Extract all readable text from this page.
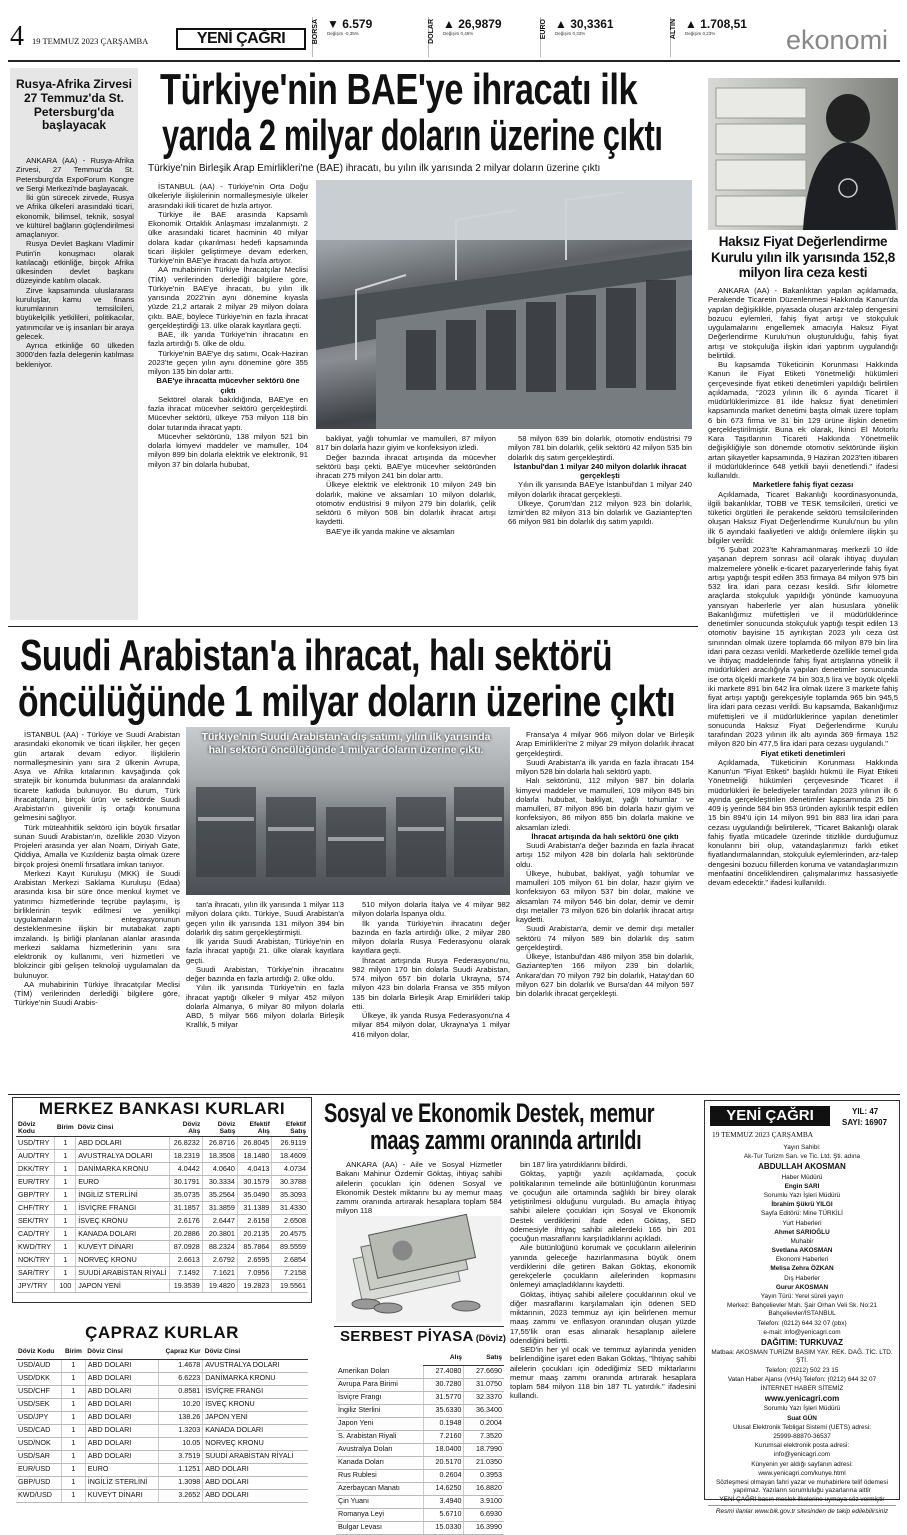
4 19 TEMMUZ 2023 ÇARŞAMBA	YENİ ÇAĞRI	BORSA ▼ 6.579
Değişim -0,35%	DOLAR ▲ 26,9879
Değişim 0,46%	EURO ▲ 30,3361
Değişim 0,33%	ALTIN ▲ 1.708,51
Değişim 0,23%	ekonomi
Rusya-Afrika Zirvesi 27 Temmuz'da St. Petersburg'da başlayacak

ANKARA (AA) - Rusya-Afrika Zirvesi, 27 Temmuz'da St. Petersburg'da ExpoForum Kongre ve Sergi Merkezi'nde başlayacak.

İki gün sürecek zirvede, Rusya ve Afrika ülkeleri arasındaki ticari, ekonomik, bilimsel, teknik, sosyal ve kültürel bağların güçlendirilmesi amaçlanıyor.

Rusya Devlet Başkanı Vladimir Putin'in konuşmacı olarak katılacağı etkinliğe, birçok Afrika ülkesinden devlet başkanı düzeyinde katılım olacak.

Zirve kapsamında uluslararası kuruluşlar, kamu ve finans kurumlarının temsilcileri, büyükelçilik yetkilileri, politikacılar, yatırımcılar ve iş insanları bir araya gelecek.

Ayrıca etkinliğe 60 ülkeden 3000'den fazla delegenin katılması bekleniyor.

Türkiye'nin BAE'ye ihracatı ilk
yarıda 2 milyar doların üzerine çıktı
Türkiye'nin Birleşik Arap Emirlikleri'ne (BAE) ihracatı, bu yılın ilk yarısında 2 milyar doların üzerine çıktı

İSTANBUL (AA) - Türkiye'nin Orta Doğu ülkeleriyle ilişkilerinin normalleşmesiyle ülkeler arasındaki ikili ticaret de hızla artıyor.

Türkiye ile BAE arasında Kapsamlı Ekonomik Ortaklık Anlaşması imzalanmıştı. 2 ülke arasındaki ticaret hacminin 40 milyar dolara kadar çıkarılması hedefi kapsamında ticari ilişkiler geliştirmeye devam ederken, Türkiye'nin BAE'ye ihracatı da hızla artıyor.

AA muhabirinin Türkiye İhracatçılar Meclisi (TİM) verilerinden derlediği bilgilere göre, Türkiye'nin BAE'ye ihracatı, bu yılın ilk yarısında 2022'nin aynı dönemine kıyasla yüzde 21,2 artarak 2 milyar 29 milyon dolara çıktı. BAE, böylece Türkiye'nin en fazla ihracat gerçekleştirdiği 13. ülke olarak kayıtlara geçti.

BAE, ilk yarıda Türkiye'nin ihracatını en fazla artırdığı 5. ülke de oldu.

Türkiye'nin BAE'ye dış satımı, Ocak-Haziran 2023'te geçen yılın aynı dönemine göre 355 milyon 135 bin dolar arttı.

BAE'ye ihracatta mücevher sektörü öne çıktı

Sektörel olarak bakıldığında, BAE'ye en fazla ihracat mücevher sektörü gerçekleştirdi. Mücevher sektörü, ülkeye 753 milyon 118 bin dolar tutarında ihracat yaptı.

Mücevher sektörünü, 138 milyon 521 bin dolarla kimyevi maddeler ve mamuller, 104 milyon 899 bin dolarla elektrik ve elektronik, 91 milyon 37 bin dolarla hububat,

bakliyat, yağlı tohumlar ve mamulleri, 87 milyon 817 bin dolarla hazır giyim ve konfeksiyon izledi.

Değer bazında ihracat artışında da mücevher sektörü başı çekti. BAE'ye mücevher sektöründen ihracatı 275 milyon 241 bin dolar arttı.

Ülkeye elektrik ve elektronik 10 milyon 249 bin dolarlık, makine ve aksamları 10 milyon dolarlık, otomotiv endüstrisi 9 milyon 279 bin dolarlık, çelik sektörü 6 milyon 508 bin dolarlık ihracat artışı kaydetti.

BAE'ye ilk yarıda makine ve aksamları

58 milyon 639 bin dolarlık, otomotiv endüstrisi 79 milyon 781 bin dolarlık, çelik sektörü 42 milyon 535 bin dolarlık dış satım gerçekleştirdi.

İstanbul'dan 1 milyar 240 milyon dolarlık ihracat gerçekleşti

Yılın ilk yarısında BAE'ye İstanbul'dan 1 milyar 240 milyon dolarlık ihracat gerçekleşti.

Ülkeye, Çorum'dan 212 milyon 923 bin dolarlık, İzmir'den 82 milyon 313 bin dolarlık ve Gaziantep'ten 66 milyon 981 bin dolarlık dış satım yapıldı.

Suudi Arabistan'a ihracat, halı sektörü
öncülüğünde 1 milyar doların üzerine çıktı
Türkiye'nin Suudi Arabistan'a dış satımı, yılın ilk yarısında halı sektörü öncülüğünde 1 milyar doların üzerine çıktı.

İSTANBUL (AA) - Türkiye ve Suudi Arabistan arasındaki ekonomik ve ticari ilişkiler, her geçen gün artarak devam ediyor. İlişkilerin normalleşmesinin yanı sıra 2 ülkenin Avrupa, Asya ve Afrika kıtalarının kavşağında çok stratejik bir konumda bulunması da aralarındaki ticarete katkıda bulunuyor. Bu durum, Türk ihracatçıların, birçok ürün ve sektörde Suudi Arabistan'ın güvenilir iş ortağı konumuna gelmesini sağlıyor.

Türk müteahhitlik sektörü için büyük fırsatlar sunan Suudi Arabistan'ın, özellikle 2030 Vizyon Projeleri arasında yer alan Noam, Diriyah Gate, Qiddiya, Amalla ve Kızıldeniz başta olmak üzere birçok projesi önemli fırsatlara imkan tanıyor.

Merkezi Kayıt Kuruluşu (MKK) ile Suudi Arabistan Merkezi Saklama Kuruluşu (Edaa) arasında kısa bir süre önce menkul kıymet ve yatırımcı hizmetlerinde teçrübe paylaşımı, iş birliklerinin teşvik edilmesi ve yenilikçi uygulamaların entegrasyonunun desteklenmesine ilişkin bir mutabakat zaptı imzalandı. İş birliği planlanan alanlar arasında merkezi saklama hizmetlerinin yanı sıra elektronik oy kullanımı, veri hizmetleri ve blokzincir gibi gelişen teknoloji uygulamaları da bulunuyor.

AA muhabirinin Türkiye İhracatçılar Meclisi (TİM) verilerinden derlediği bilgilere göre, Türkiye'nin Suudi Arabis-

tan'a ihracatı, yılın ilk yarısında 1 milyar 113 milyon dolara çıktı. Türkiye, Suudi Arabistan'a geçen yılın ilk yarısında 131 milyon 394 bin dolarlık dış satım gerçekleştirmişti.

İlk yarıda Suudi Arabistan, Türkiye'nin en fazla ihracat yaptığı 21. ülke olarak kayıtlara geçti.

Suudi Arabistan, Türkiye'nin ihracatını değer bazında en fazla artırdığı 2. ülke oldu.

Yılın ilk yarısında Türkiye'nin en fazla ihracat yaptığı ülkeler 9 milyar 452 milyon dolarla Almanya, 6 milyar 80 milyon dolarla ABD, 5 milyar 566 milyon dolarla Birleşik Krallık, 5 milyar

510 milyon dolarla İtalya ve 4 milyar 982 milyon dolarla İspanya oldu.

İlk yarıda Türkiye'nin ihracatını değer bazında en fazla artırdığı ülke, 2 milyar 280 milyon dolarla Rusya Federasyonu olarak kayıtlara geçti.

İhracat artışında Rusya Federasyonu'nu, 982 milyon 170 bin dolarla Suudi Arabistan, 574 milyon 657 bin dolarla Ukrayna, 574 milyon 423 bin dolarla Fransa ve 355 milyon 135 bin dolarla Birleşik Arap Emirlikleri takip etti.

Ülkeye, ilk yarıda Rusya Federasyonu'na 4 milyar 854 milyon dolar, Ukrayna'ya 1 milyar 416 milyon dolar,

Fransa'ya 4 milyar 966 milyon dolar ve Birleşik Arap Emirlikleri'ne 2 milyar 29 milyon dolarlık ihracat gerçekleştirdi.

Suudi Arabistan'a ilk yarıda en fazla ihracatı 154 milyon 528 bin dolarla halı sektörü yaptı.

Halı sektörünü, 112 milyon 987 bin dolarla kimyevi maddeler ve mamulleri, 109 milyon 845 bin dolarla hububat, bakliyat, yağlı tohumlar ve mamulleri, 87 milyon 896 bin dolarla hazır giyim ve konfeksiyon, 86 milyon 855 bin dolarla makine ve aksamları izledi.

İhracat artışında da halı sektörü öne çıktı

Suudi Arabistan'a değer bazında en fazla ihracat artışı 152 milyon 428 bin dolarla halı sektöründe oldu.

Ülkeye, hububat, bakliyat, yağlı tohumlar ve mamulleri 105 milyon 61 bin dolar, hazır giyim ve konfeksiyon 63 milyon 537 bin dolar, makine ve aksamları 74 milyon 546 bin dolar, demir ve demir dışı metaller 73 milyon 626 bin dolarlık ihracat artışı kaydetti.

Suudi Arabistan'a, demir ve demir dışı metaller sektörü 74 milyon 589 bin dolarlık dış satım gerçekleştirdi.

Ülkeye, İstanbul'dan 486 milyon 358 bin dolarlık, Gaziantep'ten 166 milyon 239 bin dolarlık, Ankara'dan 70 milyon 792 bin dolarlık, Hatay'dan 60 milyon 627 bin dolarlık ve Bursa'dan 44 milyon 597 bin dolarlık ihracat gerçekleşti.

Haksız Fiyat Değerlendirme Kurulu yılın ilk yarısında 152,8 milyon lira ceza kesti

ANKARA (AA) - Bakanlıktan yapılan açıklamada, Perakende Ticaretin Düzenlenmesi Hakkında Kanun'da yapılan değişiklikle, piyasada oluşan arz-talep dengesini bozucu eylemleri, fahiş fiyat artışı ve stokçuluk uygulamalarını engellemek amacıyla Haksız Fiyat Değerlendirme Kurulu'nun oluşturulduğu, fahiş fiyat artışı ve stokçuluğa ilişkin idari yaptırım uygulandığı belirtildi.

Bu kapsamda Tüketicinin Korunması Hakkında Kanun ile Fiyat Etiketi Yönetmeliği hükümleri çerçevesinde fiyat etiketi denetimleri yapıldığı belirtilen açıklamada, "2023 yılının ilk 6 ayında Ticaret il müdürlüklerimizce 81 ilde haksız fiyat denetimleri kapsamında market denetimi başta olmak üzere toplam 6 bin 673 firma ve 31 bin 129 ürüne ilişkin denetim gerçekleştirilmiştir. Buna ek olarak, İkinci El Motorlu Kara Taşıtlarının Ticareti Hakkında Yönetmelik değişikliğiyle son dönemde otomotiv sektöründe ilişkin artan şikayetler kapsamında, 9 Haziran 2023'ten itibaren il müdürlüklerince 648 yetkili bayii denetlendi." ifadesi kullanıldı.

Marketlere fahiş fiyat cezası

Açıklamada, Ticaret Bakanlığı koordinasyonunda, ilgili bakanlıklar, TOBB ve TESK temsilcileri, üretici ve tüketici örgütleri ile perakende sektörü temsilcilerinden oluşan Haksız Fiyat Değerlendirme Kurulu'nun bu yılın ilk 6 ayındaki faaliyetleri ve aldığı önlemlere ilişkin şu bilgiler verildi:

"6 Şubat 2023'te Kahramanmaraş merkezli 10 ilde yaşanan deprem sonrası acil olarak ihtiyaç duyulan malzemelere yönelik e-ticaret pazaryerlerinde fahiş fiyat artışı yaptığı tespit edilen 353 firmaya 84 milyon 975 bin 532 lira idari para cezası kesildi. Sıfır kilometre araçlarda stokçuluk yapıldığı yönünde kamuoyuna yansıyan haberlerle yer alan hususlara yönelik Bakanlığımız müfettişleri ve il müdürlüklerince denetimler sonucunda stokçuluk yaptığı tespit edilen 13 otomotiv bayisine 15 ayrıkıştan 2023 yılı ceza üst sınırından olmak üzere toplamda 66 milyon 879 bin lira idari para cezası verildi. Marketlerde özellikle temel gıda ve ihtiyaç maddelerinde fahiş fiyat artışlarına yönelik il müdürlükleri aracılığıyla yapılan denetimler sonucunda ise orta ölçekli markete 74 bin 303,5 lira ve büyük ölçekli iki markete 891 bin 642 lira olmak üzere 3 markete fahiş fiyat artışı yaptığı gerekçesiyle toplamda 965 bin 945,5 lira idari para cezası verildi. Bu kapsamda, Bakanlığımız müfettişleri ve il müdürlüklerince yapılan denetimler sonucunda Haksız Fiyat Değerlendirme Kurulu tarafından 2023 yılının ilk altı ayında 369 firmaya 152 milyon 820 bin 477,5 lira idari para cezası uygulandı."

Fiyat etiketi denetimleri

Açıklamada, Tüketicinin Korunması Hakkında Kanun'un "Fiyat Etiketi" başlıklı hükmü ile Fiyat Etiketi Yönetmeliği hükümleri çerçevesinde Ticaret il müdürlükleri ile belediyeler tarafından 2023 yılının ilk 6 ayında gerçekleştirilen denetimler kapsamında 25 bin 409 iş yerinde 584 bin 953 üründen aykırılık tespit edilen 15 bin 894'ü için 14 milyon 991 bin 883 lira idari para cezası uygulandığı belirtilerek, "Ticaret Bakanlığı olarak fahiş fiyatla mücadele üzerinde titizlikle durduğumuz konularını biri olup, vatandaşlarımızı farklı etiket fiyatlandırmalarından, stokçuluk eylemlerinden, arz-talep dengesini bozucu fiillerden koruma ve vatandaşlarımızın menfaatini önceliklendiren çalışmalarımız hassasiyetle devam edecektir." ifadesi kullanıldı.

MERKEZ BANKASI KURLARI
Döviz Kodu	Birim	Döviz Cinsi	Döviz Alış	Döviz Satış	Efektif Alış	Efektif Satış
USD/TRY	1	ABD DOLARI	26.8232	26.8716	26.8045	26.9119
AUD/TRY	1	AVUSTRALYA DOLARI	18.2319	18.3508	18.1480	18.4609
DKK/TRY	1	DANİMARKA KRONU	4.0442	4.0640	4.0413	4.0734
EUR/TRY	1	EURO	30.1791	30.3334	30.1579	30.3788
GBP/TRY	1	İNGİLİZ STERLİNİ	35.0735	35.2564	35.0490	35.3093
CHF/TRY	1	İSVİÇRE FRANGI	31.1857	31.3859	31.1389	31.4330
SEK/TRY	1	İSVEÇ KRONU	2.6176	2.6447	2.6158	2.6508
CAD/TRY	1	KANADA DOLARI	20.2886	20.3801	20.2135	20.4575
KWD/TRY	1	KUVEYT DİNARI	87.0928	88.2324	85.7864	89.5559
NOK/TRY	1	NORVEÇ KRONU	2.6613	2.6792	2.6595	2.6854
SAR/TRY	1	SUUDİ ARABİSTAN RİYALİ	7.1492	7.1621	7.0956	7.2158
JPY/TRY	100	JAPON YENİ	19.3539	19.4820	19.2823	19.5561
ÇAPRAZ KURLAR
Döviz Kodu	Birim	Döviz Cinsi	Çapraz Kur	Döviz Cinsi
USD/AUD	1	ABD DOLARI	1.4678	AVUSTRALYA DOLARI
USD/DKK	1	ABD DOLARI	6.6223	DANİMARKA KRONU
USD/CHF	1	ABD DOLARI	0.8581	İSVİÇRE FRANGI
USD/SEK	1	ABD DOLARI	10.20	İSVEÇ KRONU
USD/JPY	1	ABD DOLARI	138.26	JAPON YENİ
USD/CAD	1	ABD DOLARI	1.3203	KANADA DOLARI
USD/NOK	1	ABD DOLARI	10.05	NORVEÇ KRONU
USD/SAR	1	ABD DOLARI	3.7519	SUUDİ ARABİSTAN RİYALİ
EUR/USD	1	EURO	1.1251	ABD DOLARI
GBP/USD	1	İNGİLİZ STERLİNİ	1.3098	ABD DOLARI
KWD/USD	1	KUVEYT DİNARI	3.2652	ABD DOLARI
Sosyal ve Ekonomik Destek, memur
maaş zammı oranında artırıldı

ANKARA (AA) - Aile ve Sosyal Hizmetler Bakanı Mahinur Özdemir Göktaş, ihtiyaç sahibi ailelerin çocukları için ödenen Sosyal ve Ekonomik Destek miktarını bu ay memur maaş zammı oranında artırarak hesaplara toplam 584 milyon 118

bin 187 lira yatırdıklarını bildirdi.

Göktaş, yaptığı yazılı açıklamada, çocuk politikalarının temelinde aile bütünlüğünün korunması ve çocuğun aile ortamında sağlıklı bir birey olarak yetiştirilmesi olduğunu vurguladı. Bu amaçla ihtiyaç sahibi ailelere çocukları için Sosyal ve Ekonomik Destek verdiklerini ifade eden Göktaş, SED ödemesiyle ihtiyaç sahibi ailelerdeki 165 bin 201 çocuğun masraflarını karşıladıklarını açıkladı.

Aile bütünlüğünü korumak ve çocukların ailelerinin yanında geleceğe hazırlanmasına büyük önem verdiklerini dile getiren Bakan Göktaş, ekonomik gerekçelerle çocukların ailelerinden kopmasını önlemeyi amaçladıklarını kaydetti.

Göktaş, ihtiyaç sahibi ailelere çocuklarının okul ve diğer masraflarını karşılamaları için ödenen SED miktarının, 2023 temmuz ayı için belirlenen memur maaş zammı ve enflasyon oranından oluşan yüzde 17,55'lik oran esas alınarak hesaplanıp ailelere ödendiğini belirtti.

SED'in her yıl ocak ve temmuz aylarında yeniden belirlendiğine işaret eden Bakan Göktaş, "İhtiyaç sahibi ailelerin çocukları için ödediğimiz SED miktarlarını memur maaş zammı oranında artırarak hesaplara toplam 584 milyon 118 bin 187 TL yatırdık." ifadesini kullandı.

SERBEST PİYASA (Döviz)
	Alış	Satış
Amerikan Doları	27.4080	27.6690
Avrupa Para Birimi	30.7280	31.0750
İsviçre Frangı	31.5770	32.3370
İngiliz Sterlini	35.6330	36.3400
Japon Yeni	0.1948	0.2004
S. Arabistan Riyali	7.2160	7.3520
Avustralya Doları	18.0400	18.7990
Kanada Doları	20.5170	21.0350
Rus Rublesi	0.2604	0.3953
Azerbaycan Manatı	14.6250	16.8820
Çin Yuanı	3.4940	3.9100
Romanya Leyi	5.6710	6.6930
Bulgar Levası	15.0330	16.3990
YENİ ÇAĞRI	YIL: 47
SAYI: 16907
19 TEMMUZ 2023 ÇARŞAMBA
Yayın Sahibi:
Ak-Tur Turizm San. ve Tic. Ltd. Şti. adına
ABDULLAH AKOSMAN
Haber Müdürü
Engin SARI
Sorumlu Yazı İşleri Müdürü
İbrahim Şükrü YILGI
Sayfa Editörü: Mine TÜRKİLİ
Yurt Haberleri
Ahmet SARIOĞLU
Muhabir
Svetlana AKOSMAN
Ekonomi Haberleri
Melisa Zehra ÖZKAN
Dış Haberler
Gurur AKOSMAN
Yayın Türü: Yerel süreli yayın
Merkez: Bahçelievler Mah. Şair Orhan Veli Sk. No:21 Bahçelievler/İSTANBUL
Telefon: (0212) 644 32 07 (pbx)
e-mail: info@yenicagri.com
DAĞITIM: TURKUVAZ
Matbaa: AKOSMAN TURİZM BASIM YAY. REK. DAĞ. TİC. LTD. ŞTİ.
Telefon: (0212) 502 23 15
Vatan Haber Ajansı (VHA) Telefon: (0212) 644 32 07
İNTERNET HABER SİTEMİZ
www.yenicagri.com
Sorumlu Yazı İşleri Müdürü
Suat GÜN
Ulusal Elektronik Tebligat Sistemi (UETS) adresi:
25999-88870-36537
Kurumsal elektronik posta adresi:
info@yenicagri.com
Künyenin yer aldığı sayfanın adresi:
www.yenicagri.com/kunye.html
Sözleşmesi olmayan fahri yazar ve muhabirlere telif ödemesi yapılmaz. Yazıların sorumluluğu yazarlarına aittir
YENİ ÇAĞRI basın meslek ilkelerine uymaya söz vermiştir
Resmi ilanlar www.bik.gov.tr sitesinden de takip edilebilirsiniz
